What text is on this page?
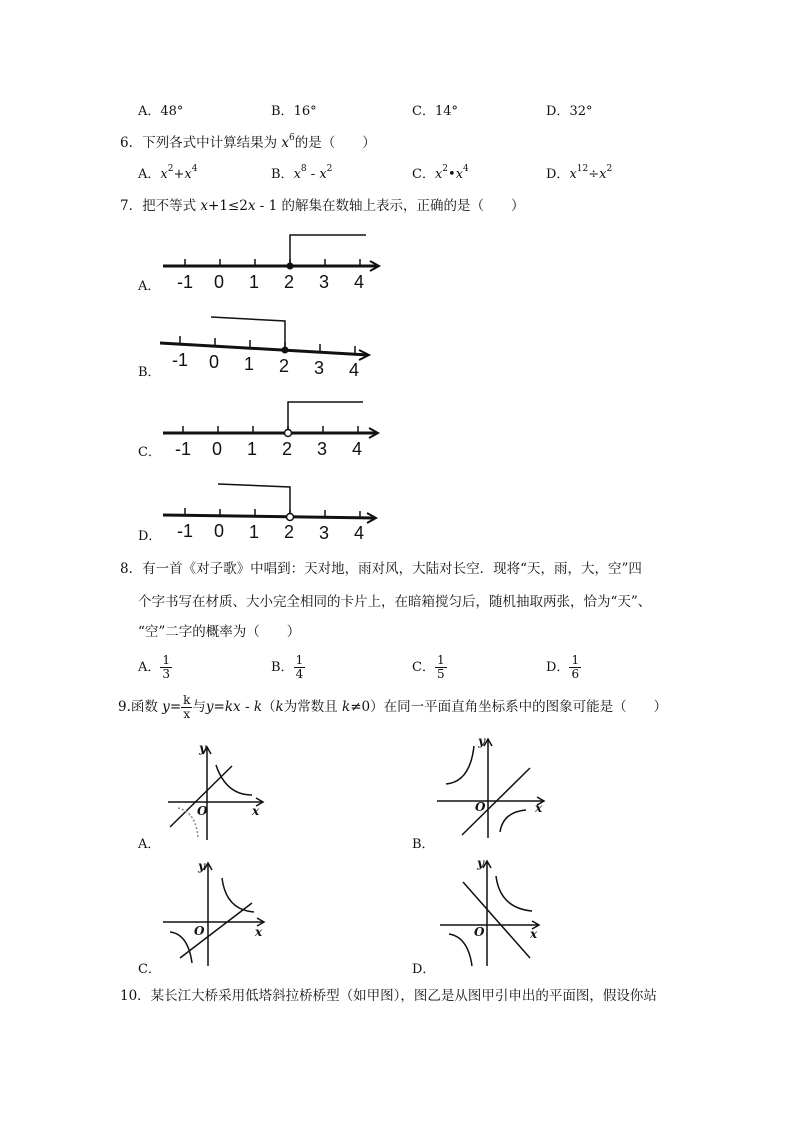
A．48°	B．16°	C．14°	D．32°
6．下列各式中计算结果为 $x^6$的是（　　）
A．$x^2+x^4$	B．$x^8 - x^2$	C．$x^2•x^4$	D．$x^{12}\div x^2$
7．把不等式 x+1≤2x - 1 的解集在数轴上表示，正确的是（　　）
A． -1 0 1 2 3 4
B．
-1 0 1 2 3 4
C． -1 0 1 2 3 4
D． -1 0 1 2 3 4
8．有一首《对子歌》中唱到：天对地，雨对风，大陆对长空．现将“天，雨，大，空”四
个字书写在材质、大小完全相同的卡片上，在暗箱搅匀后，随机抽取两张，恰为“天”、
“空”二字的概率为（　　）
A． $\frac{1}{3}$	B． $\frac{1}{4}$	C． $\frac{1}{5}$	D． $\frac{1}{6}$
9.函数 $y= \frac{k}{x}$ 与y=kx - k（k为常数且 k≠0）在同一平面直角坐标系中的图象可能是（　　）
A．
y
x
O
B．
y
x
O
C．
y
x
O
D．
y
x
O
10．某长江大桥采用低塔斜拉桥桥型（如甲图），图乙是从图甲引申出的平面图，假设你站
